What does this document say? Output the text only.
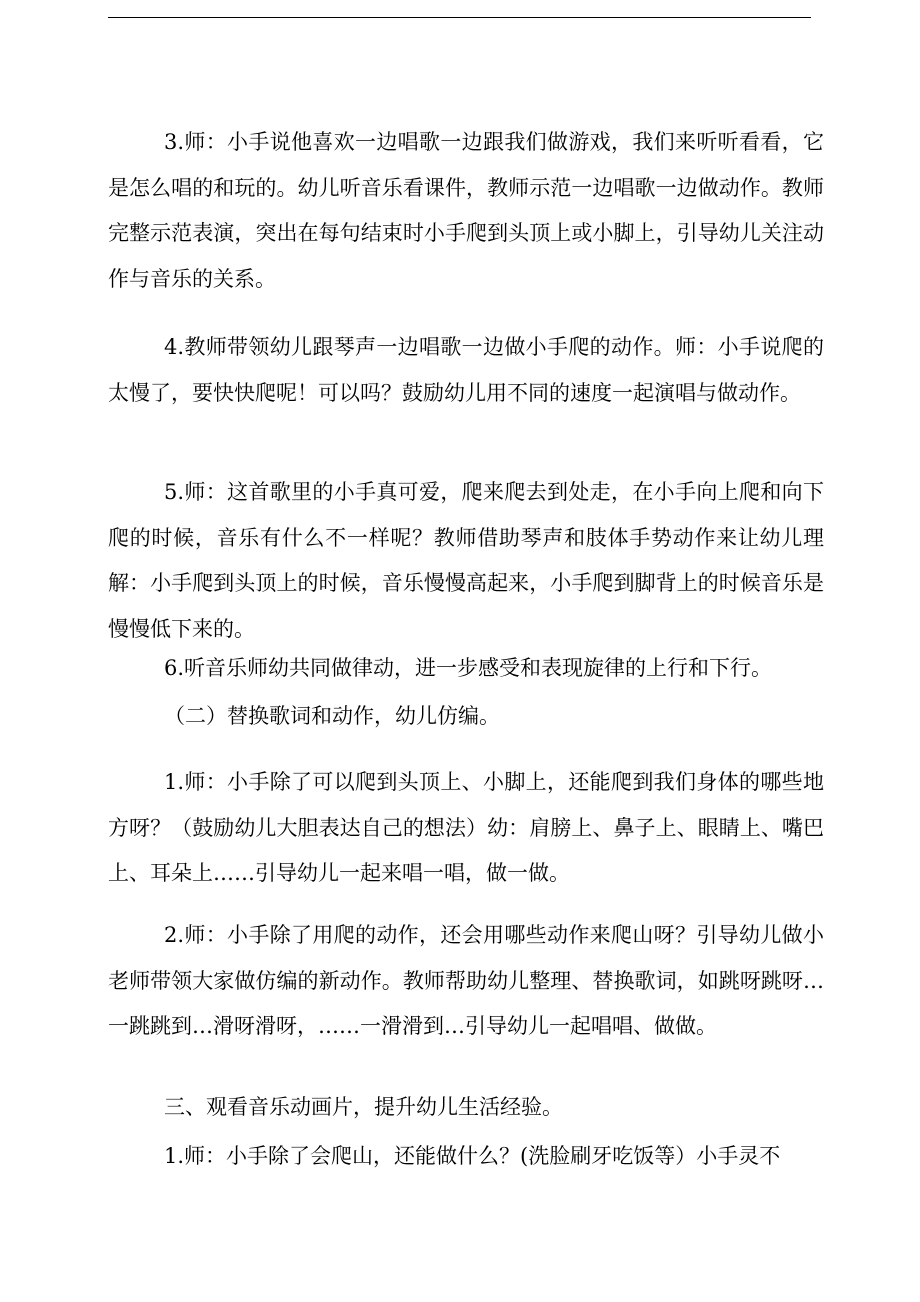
3.师：小手说他喜欢一边唱歌一边跟我们做游戏，我们来听听看看，它是怎么唱的和玩的。幼儿听音乐看课件，教师示范一边唱歌一边做动作。教师完整示范表演，突出在每句结束时小手爬到头顶上或小脚上，引导幼儿关注动作与音乐的关系。

4.教师带领幼儿跟琴声一边唱歌一边做小手爬的动作。师：小手说爬的太慢了，要快快爬呢！可以吗？鼓励幼儿用不同的速度一起演唱与做动作。

5.师：这首歌里的小手真可爱，爬来爬去到处走，在小手向上爬和向下爬的时候，音乐有什么不一样呢？教师借助琴声和肢体手势动作来让幼儿理解：小手爬到头顶上的时候，音乐慢慢高起来，小手爬到脚背上的时候音乐是慢慢低下来的。

6.听音乐师幼共同做律动，进一步感受和表现旋律的上行和下行。

（二）替换歌词和动作，幼儿仿编。

1.师：小手除了可以爬到头顶上、小脚上，还能爬到我们身体的哪些地方呀？（鼓励幼儿大胆表达自己的想法）幼：肩膀上、鼻子上、眼睛上、嘴巴上、耳朵上……引导幼儿一起来唱一唱，做一做。

2.师：小手除了用爬的动作，还会用哪些动作来爬山呀？引导幼儿做小老师带领大家做仿编的新动作。教师帮助幼儿整理、替换歌词，如跳呀跳呀…一跳跳到…滑呀滑呀，……一滑滑到…引导幼儿一起唱唱、做做。

三、观看音乐动画片，提升幼儿生活经验。

1.师：小手除了会爬山，还能做什么？(洗脸刷牙吃饭等）小手灵不
